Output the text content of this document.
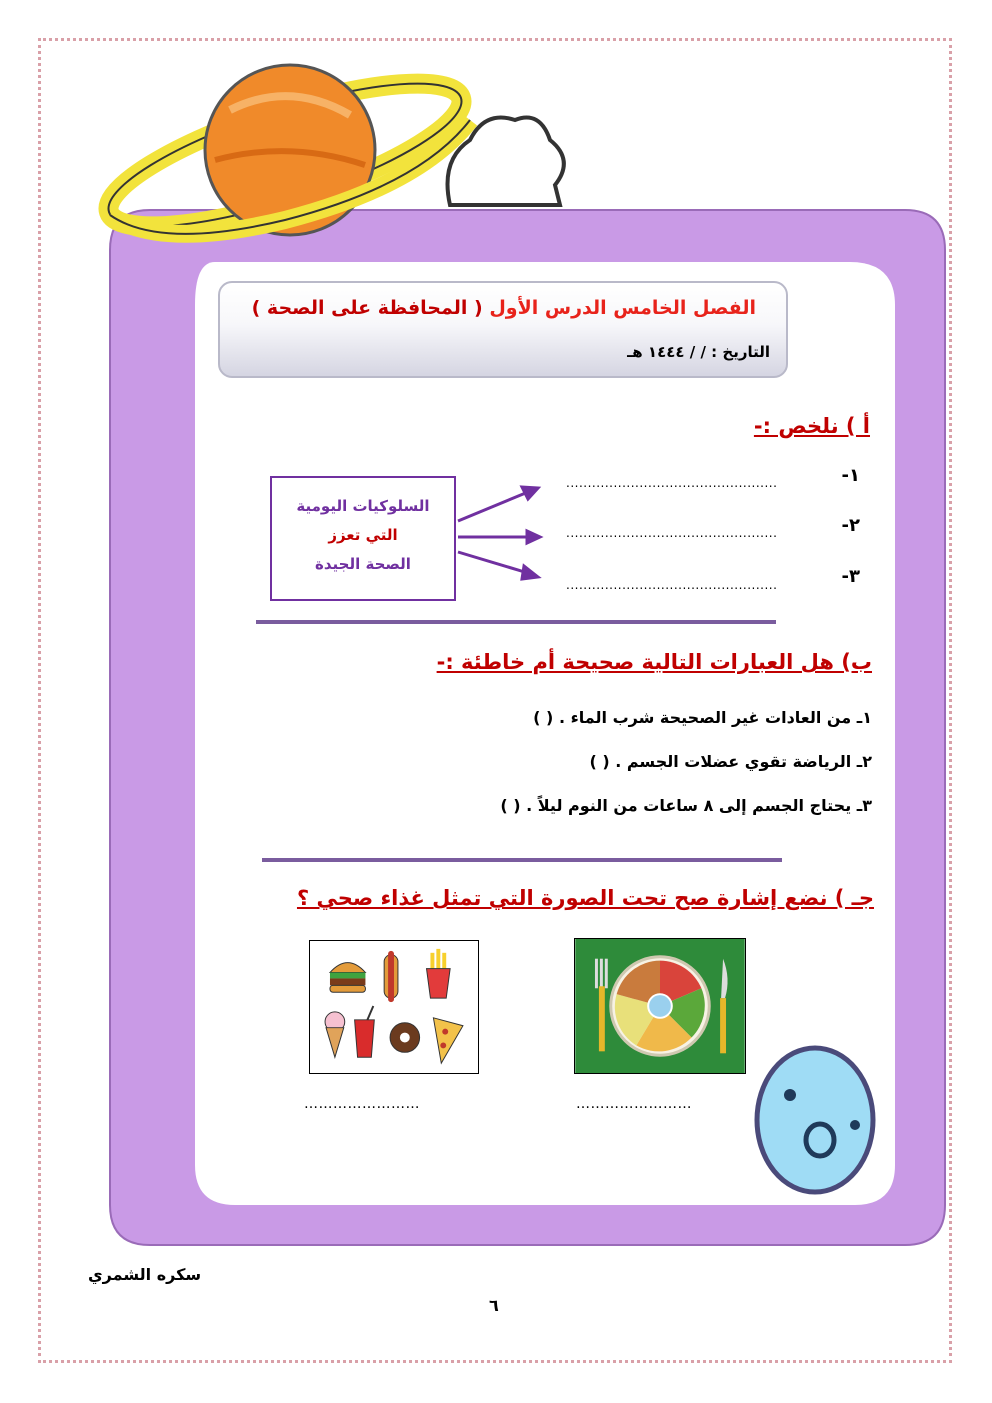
الفصل الخامس الدرس الأول ( المحافظة على الصحة )
التاريخ : / / ١٤٤٤ هـ
أ ) نلخص :-
١-
.................................................
٢-
.................................................
٣-
.................................................
السلوكيات اليومية
التي تعزز
الصحة الجيدة
ب) هل العبارات التالية صحيحة أم خاطئة :-
١ـ من العادات غير الصحيحة شرب الماء . ( )
٢ـ الرياضة تقوي عضلات الجسم . ( )
٣ـ يحتاج الجسم إلى ٨ ساعات من النوم ليلاً . ( )
جـ ) نضع إشارة صح تحت الصورة التي تمثل غذاء صحي ؟
……………………	……………………
سكره الشمري
٦
